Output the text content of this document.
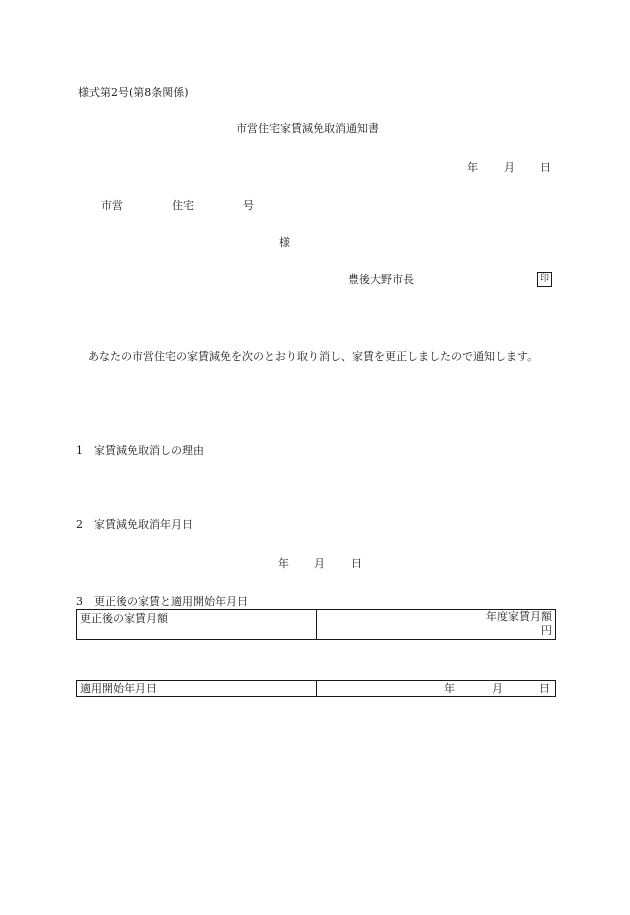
様式第2号(第8条関係)
市営住宅家賃減免取消通知書
年 月 日
市営	住宅	号
様
豊後大野市長	印
あなたの市営住宅の家賃減免を次のとおり取り消し、家賃を更正しましたので通知します。
1　家賃減免取消しの理由
2　家賃減免取消年月日
年 月 日
3　更正後の家賃と適用開始年月日
更正後の家賃月額	年度家賃月額
円
適用開始年月日	年	月	日
